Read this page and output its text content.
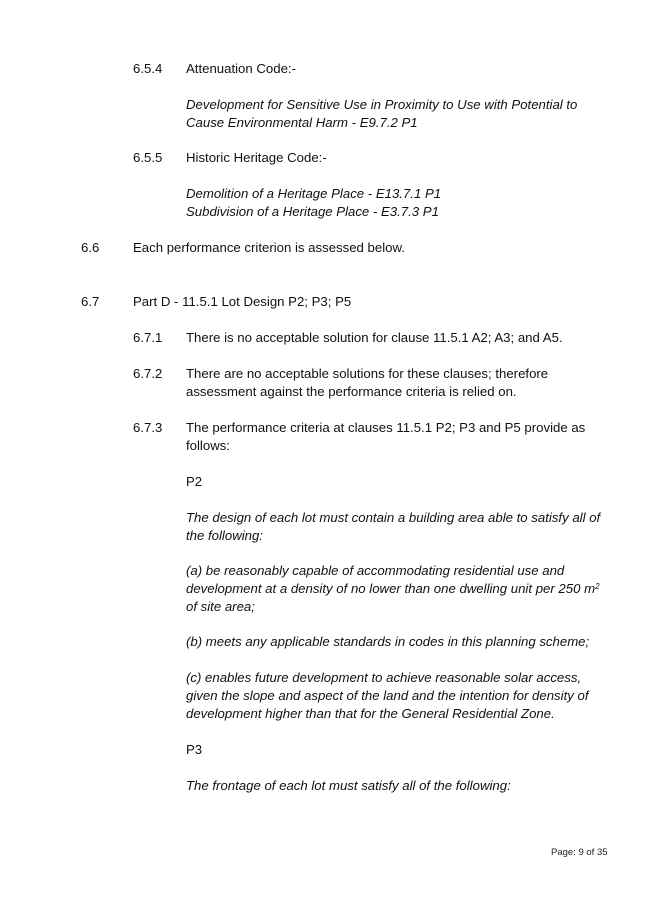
6.5.4 Attenuation Code:-
Development for Sensitive Use in Proximity to Use with Potential to
Cause Environmental Harm - E9.7.2 P1
6.5.5 Historic Heritage Code:-
Demolition of a Heritage Place - E13.7.1 P1
Subdivision of a Heritage Place - E3.7.3 P1
6.6	Each performance criterion is assessed below.
6.7	Part D - 11.5.1 Lot Design P2; P3; P5
6.7.1 There is no acceptable solution for clause 11.5.1 A2; A3; and A5.
6.7.2 There are no acceptable solutions for these clauses; therefore
assessment against the performance criteria is relied on.
6.7.3 The performance criteria at clauses 11.5.1 P2; P3 and P5 provide as
follows:
P2
The design of each lot must contain a building area able to satisfy all of
the following:
(a) be reasonably capable of accommodating residential use and
development at a density of no lower than one dwelling unit per 250 $m^2$
of site area;
(b) meets any applicable standards in codes in this planning scheme;
(c) enables future development to achieve reasonable solar access,
given the slope and aspect of the land and the intention for density of
development higher than that for the General Residential Zone.
P3
The frontage of each lot must satisfy all of the following:
Page: 9 of 35
